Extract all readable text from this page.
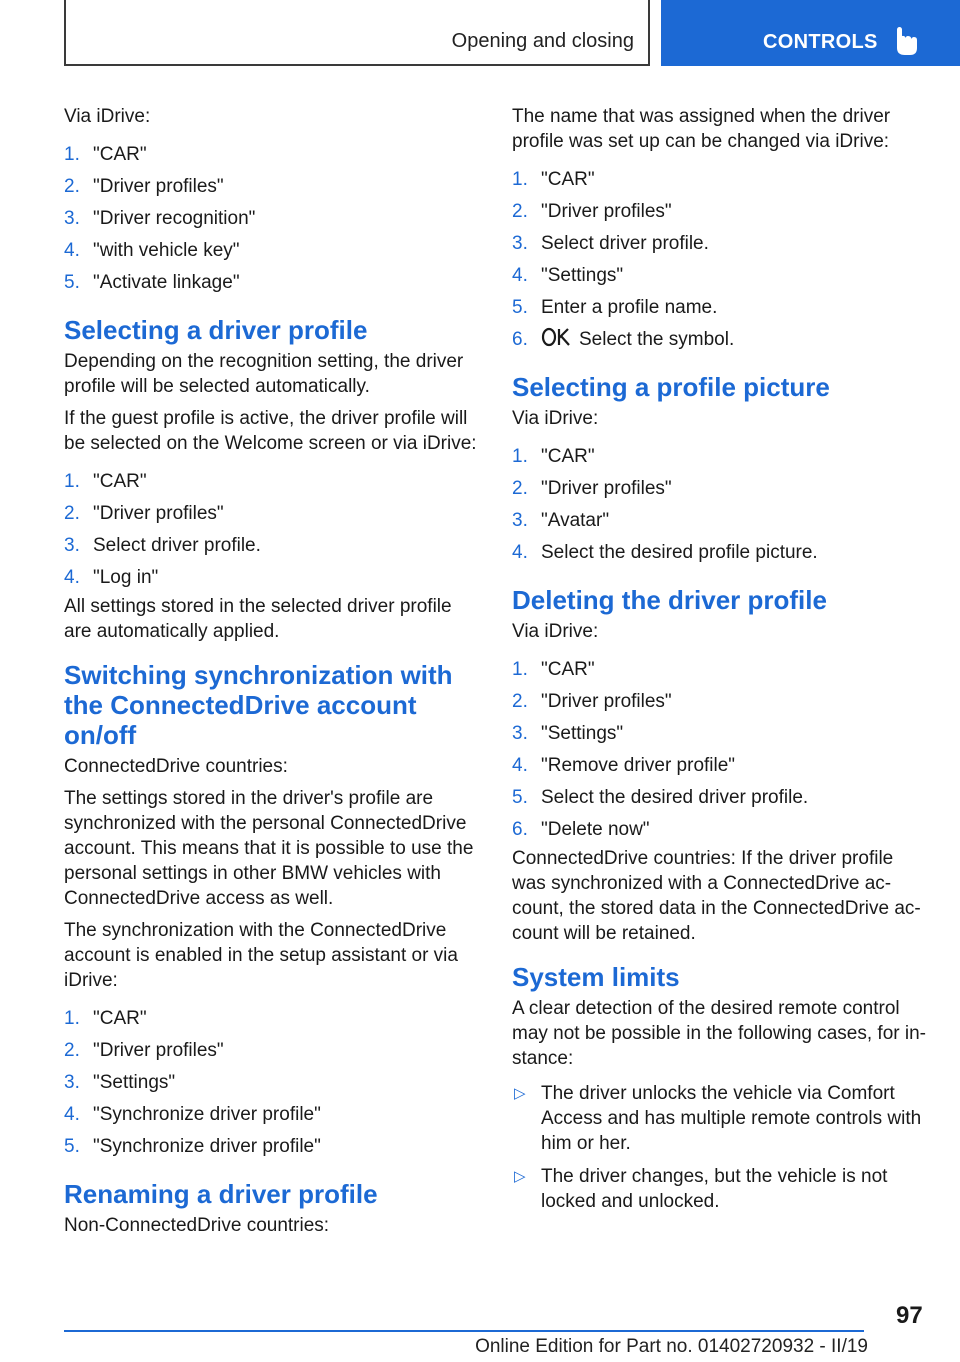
Opening and closing	CONTROLS

Via iDrive:

1. "CAR"
2. "Driver profiles"
3. "Driver recognition"
4. "with vehicle key"
5. "Activate linkage"
Selecting a driver profile

Depending on the recognition setting, the driver profile will be selected automatically.

If the guest profile is active, the driver profile will be selected on the Welcome screen or via iDrive:

1. "CAR"
2. "Driver profiles"
3. Select driver profile.
4. "Log in"

All settings stored in the selected driver profile are automatically applied.

Switching synchronization with the ConnectedDrive account on/off

ConnectedDrive countries:

The settings stored in the driver's profile are synchronized with the personal ConnectedDrive account. This means that it is possible to use the personal settings in other BMW vehicles with ConnectedDrive access as well.

The synchronization with the ConnectedDrive account is enabled in the setup assistant or via iDrive:

1. "CAR"
2. "Driver profiles"
3. "Settings"
4. "Synchronize driver profile"
5. "Synchronize driver profile"
Renaming a driver profile

Non-ConnectedDrive countries:

The name that was assigned when the driver profile was set up can be changed via iDrive:

1. "CAR"
2. "Driver profiles"
3. Select driver profile.
4. "Settings"
5. Enter a profile name.
6.	Select the symbol.
Selecting a profile picture

Via iDrive:

1. "CAR"
2. "Driver profiles"
3. "Avatar"
4. Select the desired profile picture.
Deleting the driver profile

Via iDrive:

1. "CAR"
2. "Driver profiles"
3. "Settings"
4. "Remove driver profile"
5. Select the desired driver profile.
6. "Delete now"

ConnectedDrive countries: If the driver profile was synchronized with a ConnectedDrive ac‐count, the stored data in the ConnectedDrive ac‐count will be retained.

System limits

A clear detection of the desired remote control may not be possible in the following cases, for in‐stance:

▷ The driver unlocks the vehicle via Comfort Access and has multiple remote controls with him or her.
▷ The driver changes, but the vehicle is not locked and unlocked.
97
Online Edition for Part no. 01402720932 - II/19
